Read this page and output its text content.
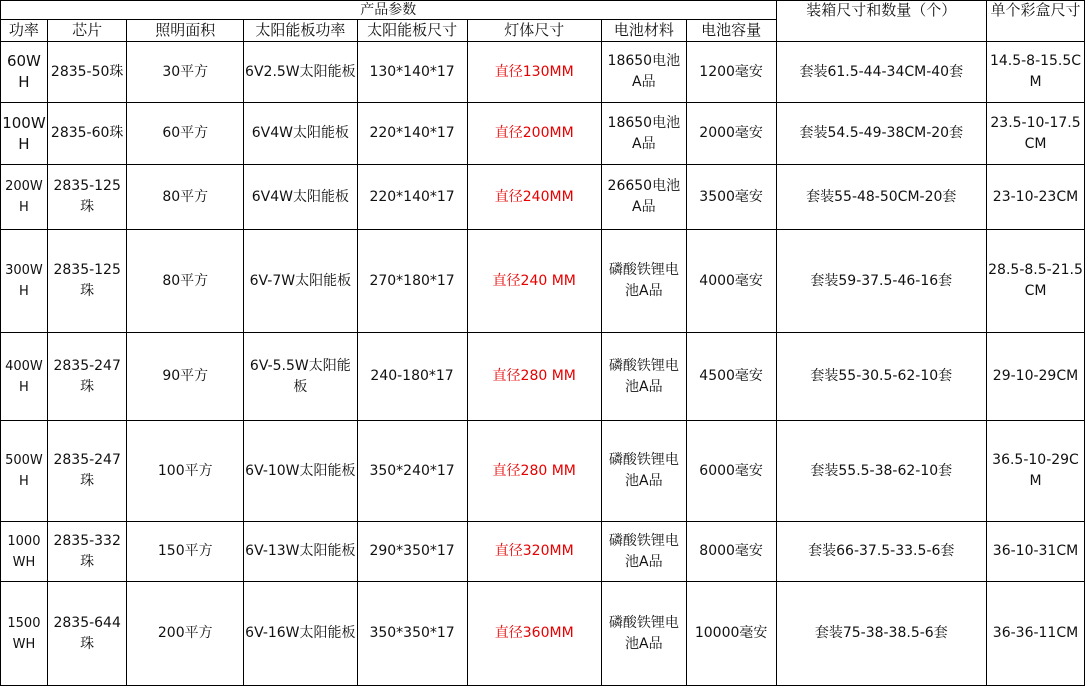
产品参数								装箱尺寸和数量（个）	单个彩盒尺寸
功率	芯片	照明面积	太阳能板功率	太阳能板尺寸	灯体尺寸	电池材料	电池容量		
60WH	2835-50珠	30平方	6V2.5W太阳能板	130*140*17	直径130MM	18650电池A品	1200毫安	套装61.5-44-34CM-40套	14.5-8-15.5CM
100WH	2835-60珠	60平方	6V4W太阳能板	220*140*17	直径200MM	18650电池A品	2000毫安	套装54.5-49-38CM-20套	23.5-10-17.5CM
200WH	2835-125珠	80平方	6V4W太阳能板	220*140*17	直径240MM	26650电池A品	3500毫安	套装55-48-50CM-20套	23-10-23CM
300WH	2835-125珠	80平方	6V-7W太阳能板	270*180*17	直径240 MM	磷酸铁锂电池A品	4000毫安	套装59-37.5-46-16套	28.5-8.5-21.5CM
400WH	2835-247珠	90平方	6V-5.5W太阳能板	240-180*17	直径280 MM	磷酸铁锂电池A品	4500毫安	套装55-30.5-62-10套	29-10-29CM
500WH	2835-247珠	100平方	6V-10W太阳能板	350*240*17	直径280 MM	磷酸铁锂电池A品	6000毫安	套装55.5-38-62-10套	36.5-10-29CM
1000WH	2835-332珠	150平方	6V-13W太阳能板	290*350*17	直径320MM	磷酸铁锂电池A品	8000毫安	套装66-37.5-33.5-6套	36-10-31CM
1500WH	2835-644珠	200平方	6V-16W太阳能板	350*350*17	直径360MM	磷酸铁锂电池A品	10000毫安	套装75-38-38.5-6套	36-36-11CM
